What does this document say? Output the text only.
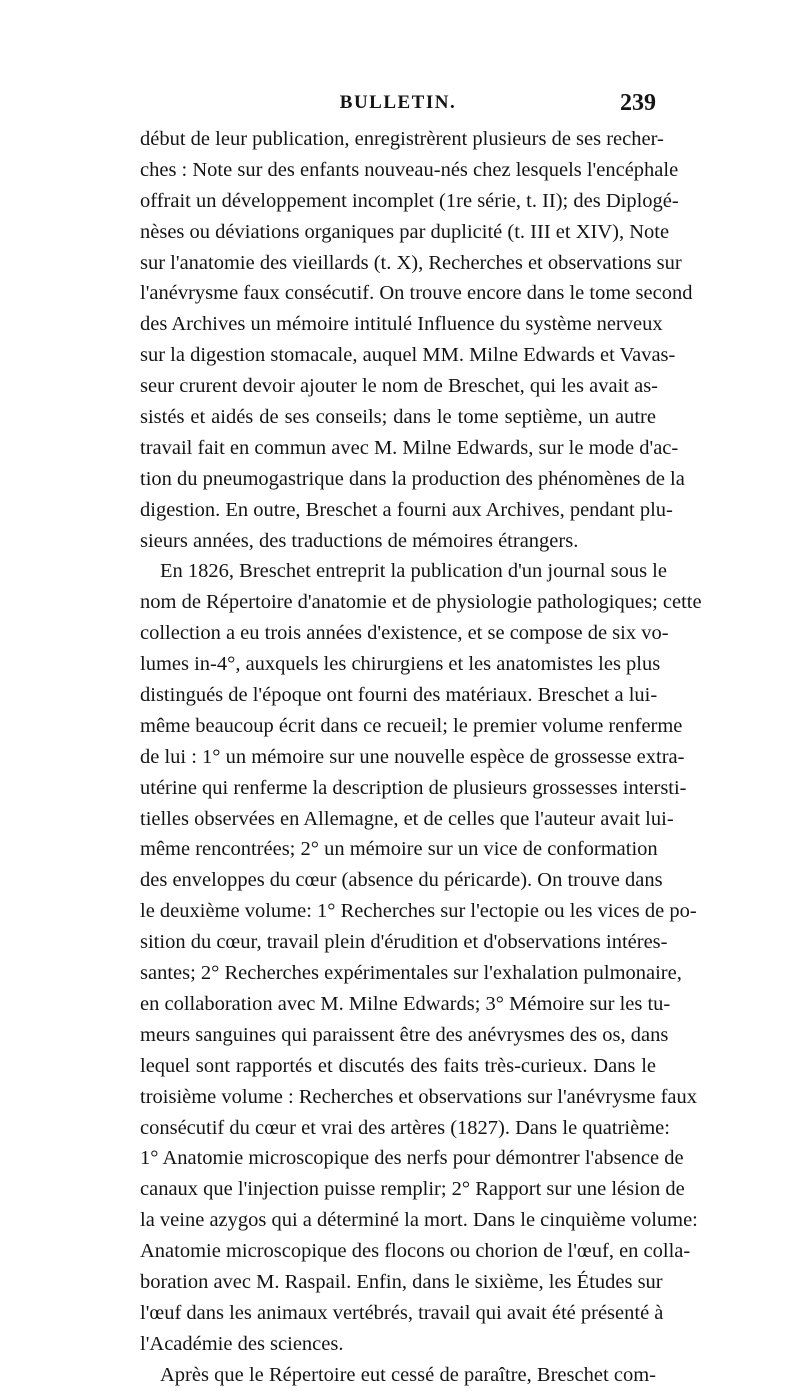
BULLETIN.	239
début de leur publication, enregistrèrent plusieurs de ses recher-
ches : Note sur des enfants nouveau-nés chez lesquels l'encéphale
offrait un développement incomplet (1re série, t. II); des Diplogé-
nèses ou déviations organiques par duplicité (t. III et XIV), Note
sur l'anatomie des vieillards (t. X), Recherches et observations sur
l'anévrysme faux consécutif. On trouve encore dans le tome second
des Archives un mémoire intitulé Influence du système nerveux
sur la digestion stomacale, auquel MM. Milne Edwards et Vavas-
seur crurent devoir ajouter le nom de Breschet, qui les avait as-
sistés et aidés de ses conseils; dans le tome septième, un autre
travail fait en commun avec M. Milne Edwards, sur le mode d'ac-
tion du pneumogastrique dans la production des phénomènes de la
digestion. En outre, Breschet a fourni aux Archives, pendant plu-
sieurs années, des traductions de mémoires étrangers.
En 1826, Breschet entreprit la publication d'un journal sous le
nom de Répertoire d'anatomie et de physiologie pathologiques; cette
collection a eu trois années d'existence, et se compose de six vo-
lumes in-4°, auxquels les chirurgiens et les anatomistes les plus
distingués de l'époque ont fourni des matériaux. Breschet a lui-
même beaucoup écrit dans ce recueil; le premier volume renferme
de lui : 1° un mémoire sur une nouvelle espèce de grossesse extra-
utérine qui renferme la description de plusieurs grossesses intersti-
tielles observées en Allemagne, et de celles que l'auteur avait lui-
même rencontrées; 2° un mémoire sur un vice de conformation
des enveloppes du cœur (absence du péricarde). On trouve dans
le deuxième volume: 1° Recherches sur l'ectopie ou les vices de po-
sition du cœur, travail plein d'érudition et d'observations intéres-
santes; 2° Recherches expérimentales sur l'exhalation pulmonaire,
en collaboration avec M. Milne Edwards; 3° Mémoire sur les tu-
meurs sanguines qui paraissent être des anévrysmes des os, dans
lequel sont rapportés et discutés des faits très-curieux. Dans le
troisième volume : Recherches et observations sur l'anévrysme faux
consécutif du cœur et vrai des artères (1827). Dans le quatrième:
1° Anatomie microscopique des nerfs pour démontrer l'absence de
canaux que l'injection puisse remplir; 2° Rapport sur une lésion de
la veine azygos qui a déterminé la mort. Dans le cinquième volume:
Anatomie microscopique des flocons ou chorion de l'œuf, en colla-
boration avec M. Raspail. Enfin, dans le sixième, les Études sur
l'œuf dans les animaux vertébrés, travail qui avait été présenté à
l'Académie des sciences.
Après que le Répertoire eut cessé de paraître, Breschet com-
